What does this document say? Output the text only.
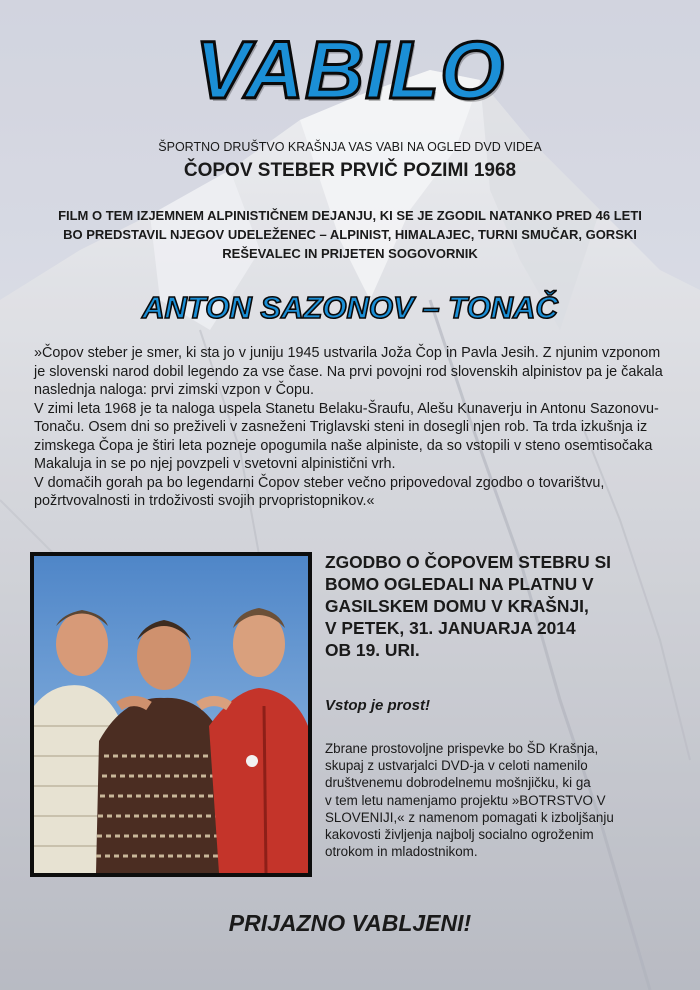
VABILO
ŠPORTNO DRUŠTVO KRAŠNJA VAS VABI NA OGLED DVD VIDEA
ČOPOV STEBER PRVIČ POZIMI 1968
FILM O TEM IZJEMNEM ALPINISTIČNEM DEJANJU, KI SE JE ZGODIL NATANKO PRED 46 LETI
BO PREDSTAVIL NJEGOV UDELEŽENEC – ALPINIST, HIMALAJEC, TURNI SMUČAR, GORSKI
REŠEVALEC IN PRIJETEN SOGOVORNIK
ANTON SAZONOV – TONAČ

»Čopov steber je smer, ki sta jo v juniju 1945 ustvarila Joža Čop in Pavla Jesih. Z njunim vzponom je slovenski narod dobil legendo za vse čase. Na prvi povojni rod slovenskih alpinistov pa je čakala naslednja naloga: prvi zimski vzpon v Čopu.

V zimi leta 1968 je ta naloga uspela Stanetu Belaku-Šraufu, Alešu Kunaverju in Antonu Sazonovu-Tonaču. Osem dni so preživeli v zasneženi Triglavski steni in dosegli njen rob. Ta trda izkušnja iz zimskega Čopa je štiri leta pozneje opogumila naše alpiniste, da so vstopili v steno osemtisočaka Makaluja in se po njej povzpeli v svetovni alpinistični vrh.

V domačih gorah pa bo legendarni Čopov steber večno pripovedoval zgodbo o tovarištvu, požrtvovalnosti in trdoživosti svojih prvopristopnikov.«

ZGODBO O ČOPOVEM STEBRU SI
BOMO OGLEDALI NA PLATNU V
GASILSKEM DOMU V KRAŠNJI,
V PETEK, 31. JANUARJA 2014
OB 19. URI.
Vstop je prost!
Zbrane prostovoljne prispevke bo ŠD Krašnja,
skupaj z ustvarjalci DVD-ja v celoti namenilo
društvenemu dobrodelnemu mošnjičku, ki ga
v tem letu namenjamo projektu »BOTRSTVO V
SLOVENIJI,« z namenom pomagati k izboljšanju
kakovosti življenja najbolj socialno ogroženim
otrokom in mladostnikom.
PRIJAZNO VABLJENI!
